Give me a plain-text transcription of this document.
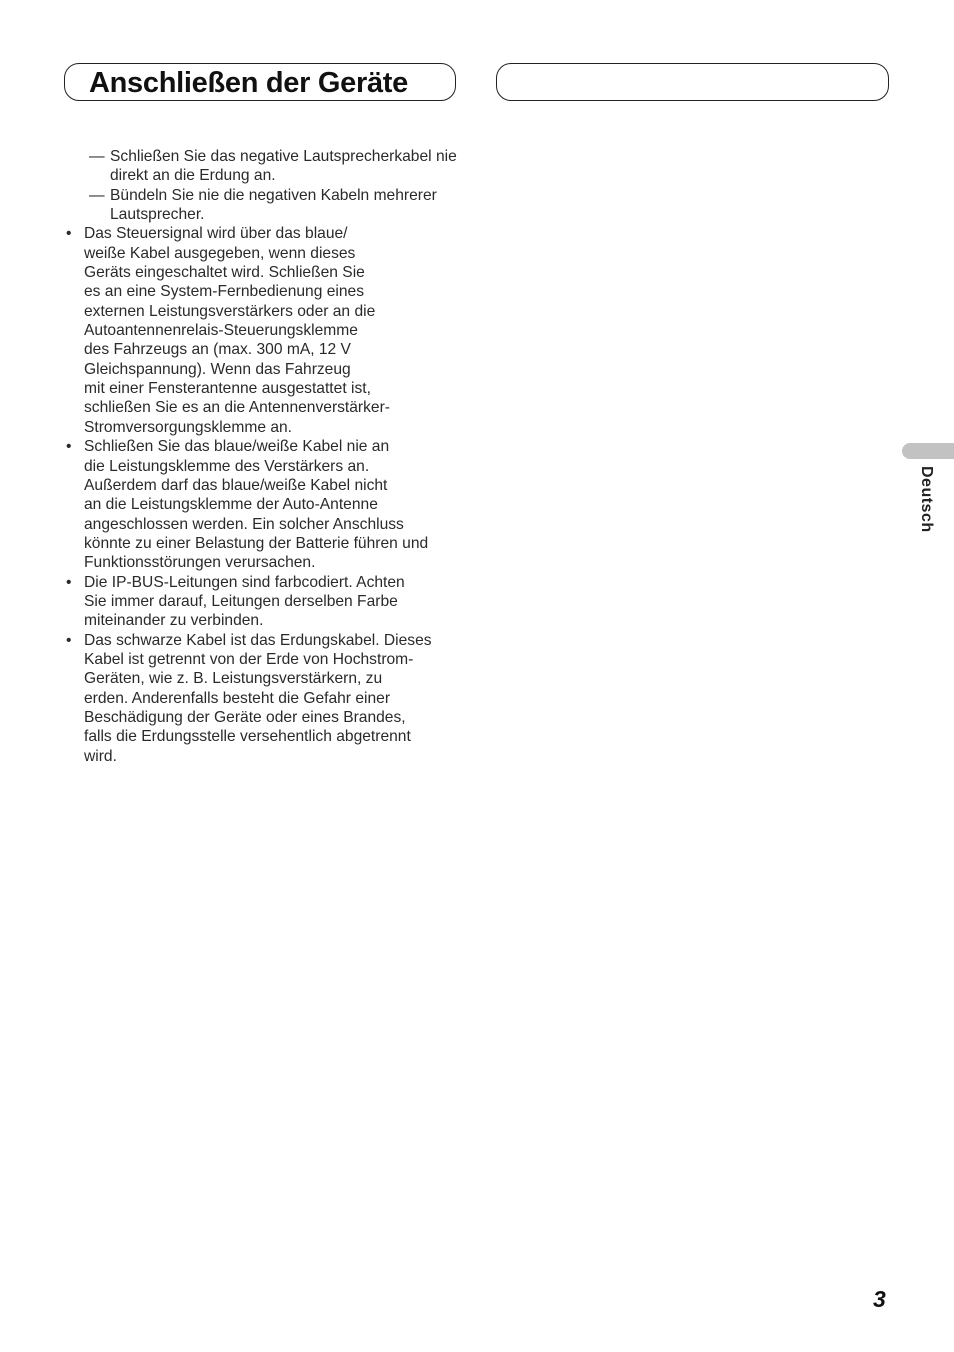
Anschließen der Geräte
— Schließen Sie das negative Lautsprecherkabel nie direkt an die Erdung an.
— Bündeln Sie nie die negativen Kabeln mehrerer Lautsprecher.
• Das Steuersignal wird über das blaue/
weiße Kabel ausgegeben, wenn dieses
Geräts eingeschaltet wird. Schließen Sie
es an eine System-Fernbedienung eines
externen Leistungsverstärkers oder an die
Autoantennenrelais-Steuerungsklemme
des Fahrzeugs an (max. 300 mA, 12 V
Gleichspannung). Wenn das Fahrzeug
mit einer Fensterantenne ausgestattet ist,
schließen Sie es an die Antennenverstärker-
Stromversorgungsklemme an.
• Schließen Sie das blaue/weiße Kabel nie an
die Leistungsklemme des Verstärkers an.
Außerdem darf das blaue/weiße Kabel nicht
an die Leistungsklemme der Auto-Antenne
angeschlossen werden. Ein solcher Anschluss
könnte zu einer Belastung der Batterie führen und
Funktionsstörungen verursachen.
• Die IP-BUS-Leitungen sind farbcodiert. Achten
Sie immer darauf, Leitungen derselben Farbe
miteinander zu verbinden.
• Das schwarze Kabel ist das Erdungskabel. Dieses
Kabel ist getrennt von der Erde von Hochstrom-
Geräten, wie z. B. Leistungsverstärkern, zu
erden. Anderenfalls besteht die Gefahr einer
Beschädigung der Geräte oder eines Brandes,
falls die Erdungsstelle versehentlich abgetrennt
wird.
Deutsch
3
